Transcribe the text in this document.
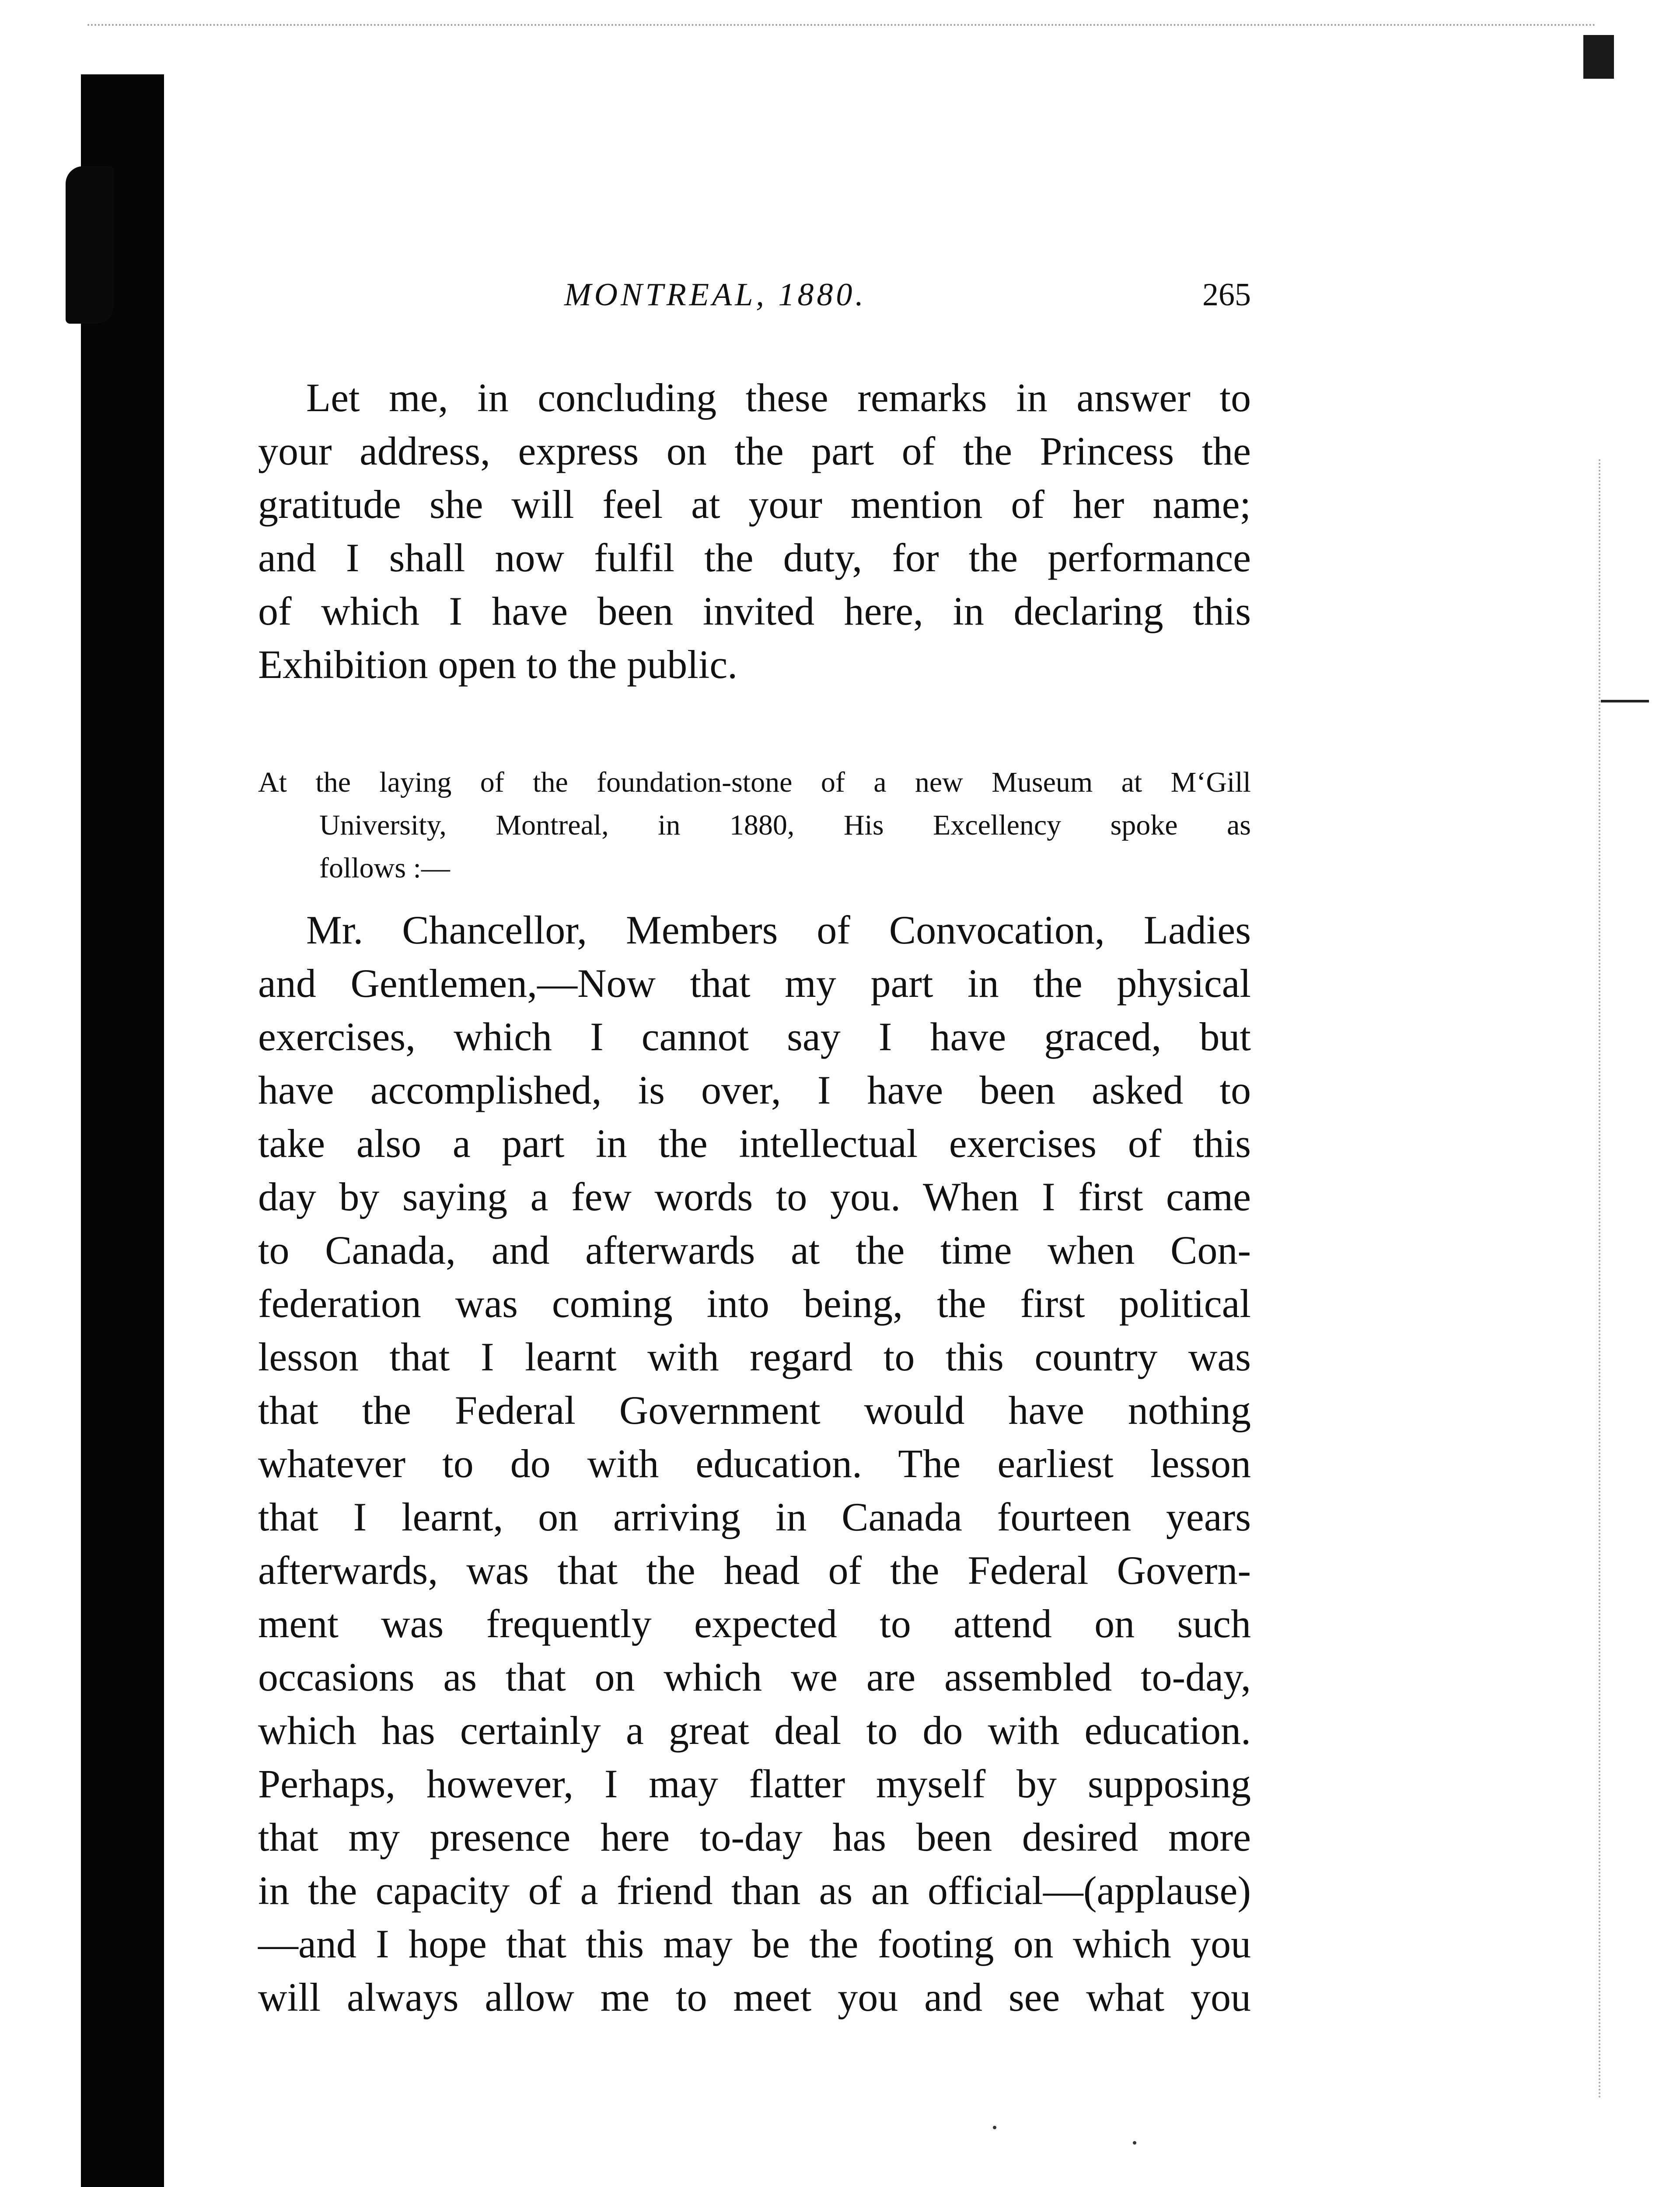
MONTREAL, 1880.	265
Let me, in concluding these remarks in answer to
your address, express on the part of the Princess the
gratitude she will feel at your mention of her name;
and I shall now fulfil the duty, for the performance
of which I have been invited here, in declaring this
Exhibition open to the public.
At the laying of the foundation-stone of a new Museum at M‘Gill
University, Montreal, in 1880, His Excellency spoke as
follows :—
Mr. Chancellor, Members of Convocation, Ladies
and Gentlemen,—Now that my part in the physical
exercises, which I cannot say I have graced, but
have accomplished, is over, I have been asked to
take also a part in the intellectual exercises of this
day by saying a few words to you. When I first came
to Canada, and afterwards at the time when Con-
federation was coming into being, the first political
lesson that I learnt with regard to this country was
that the Federal Government would have nothing
whatever to do with education. The earliest lesson
that I learnt, on arriving in Canada fourteen years
afterwards, was that the head of the Federal Govern-
ment was frequently expected to attend on such
occasions as that on which we are assembled to-day,
which has certainly a great deal to do with education.
Perhaps, however, I may flatter myself by supposing
that my presence here to-day has been desired more
in the capacity of a friend than as an official—(applause)
—and I hope that this may be the footing on which you
will always allow me to meet you and see what you
